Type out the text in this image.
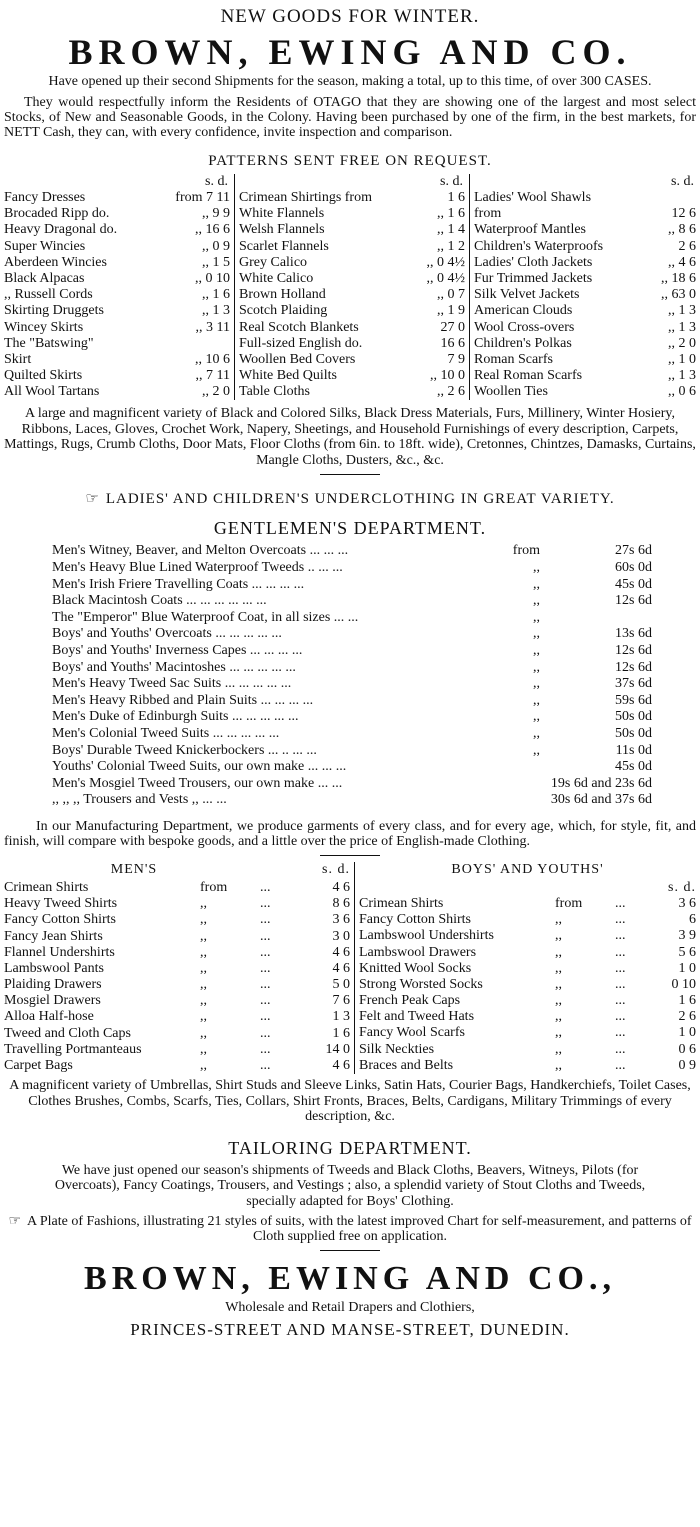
NEW GOODS FOR WINTER.
BROWN, EWING AND CO.
Have opened up their second Shipments for the season, making a total, up to this time, of over 300 CASES.
They would respectfully inform the Residents of OTAGO that they are showing one of the largest and most select Stocks, of New and Seasonable Goods, in the Colony. Having been purchased by one of the firm, in the best markets, for NETT Cash, they can, with every confidence, invite inspection and comparison.
PATTERNS SENT FREE ON REQUEST.
s. d.
Fancy Dresses	from 7 11
Brocaded Ripp do.	,, 9 9
Heavy Dragonal do.	,, 16 6
Super Wincies	,, 0 9
Aberdeen Wincies	,, 1 5
Black Alpacas	,, 0 10
,, Russell Cords	,, 1 6
Skirting Druggets	,, 1 3
Wincey Skirts	,, 3 11
The "Batswing"
Skirt	,, 10 6
Quilted Skirts	,, 7 11
All Wool Tartans	,, 2 0
s. d.
Crimean Shirtings from	1 6
White Flannels	,, 1 6
Welsh Flannels	,, 1 4
Scarlet Flannels	,, 1 2
Grey Calico	,, 0 4½
White Calico	,, 0 4½
Brown Holland	,, 0 7
Scotch Plaiding	,, 1 9
Real Scotch Blankets	27 0
Full-sized English do.	16 6
Woollen Bed Covers	7 9
White Bed Quilts	,, 10 0
Table Cloths	,, 2 6
s. d.
Ladies' Wool Shawls
from	12 6
Waterproof Mantles	,, 8 6
Children's Waterproofs	2 6
Ladies' Cloth Jackets	,, 4 6
Fur Trimmed Jackets	,, 18 6
Silk Velvet Jackets	,, 63 0
American Clouds	,, 1 3
Wool Cross-overs	,, 1 3
Children's Polkas	,, 2 0
Roman Scarfs	,, 1 0
Real Roman Scarfs	,, 1 3
Woollen Ties	,, 0 6
A large and magnificent variety of Black and Colored Silks, Black Dress Materials, Furs, Millinery, Winter Hosiery, Ribbons, Laces, Gloves, Crochet Work, Napery, Sheetings, and Household Furnishings of every description, Carpets, Mattings, Rugs, Crumb Cloths, Door Mats, Floor Cloths (from 6in. to 18ft. wide), Cretonnes, Chintzes, Damasks, Curtains, Mangle Cloths, Dusters, &c., &c.
☞ LADIES' AND CHILDREN'S UNDERCLOTHING IN GREAT VARIETY.
GENTLEMEN'S DEPARTMENT.
Men's Witney, Beaver, and Melton Overcoats ... ... ...	from	27s 6d
Men's Heavy Blue Lined Waterproof Tweeds .. ... ...	,,	60s 0d
Men's Irish Friere Travelling Coats ... ... ... ...	,,	45s 0d
Black Macintosh Coats ... ... ... ... ... ...	,,	12s 6d
The "Emperor" Blue Waterproof Coat, in all sizes ... ...	,,
Boys' and Youths' Overcoats ... ... ... ... ...	,,	13s 6d
Boys' and Youths' Inverness Capes ... ... ... ...	,,	12s 6d
Boys' and Youths' Macintoshes ... ... ... ... ...	,,	12s 6d
Men's Heavy Tweed Sac Suits ... ... ... ... ...	,,	37s 6d
Men's Heavy Ribbed and Plain Suits ... ... ... ...	,,	59s 6d
Men's Duke of Edinburgh Suits ... ... ... ... ...	,,	50s 0d
Men's Colonial Tweed Suits ... ... ... ... ...	,,	50s 0d
Boys' Durable Tweed Knickerbockers ... .. ... ...	,,	11s 0d
Youths' Colonial Tweed Suits, our own make ... ... ...	45s 0d
Men's Mosgiel Tweed Trousers, our own make ... ...	19s 6d and 23s 6d
,, ,, ,, Trousers and Vests ,, ... ...	30s 6d and 37s 6d
In our Manufacturing Department, we produce garments of every class, and for every age, which, for style, fit, and finish, will compare with bespoke goods, and a little over the price of English-made Clothing.
MEN'S	s. d.
Crimean Shirts	from	...	4 6
Heavy Tweed Shirts	,,	...	8 6
Fancy Cotton Shirts	,,	...	3 6
Fancy Jean Shirts	,,	...	3 0
Flannel Undershirts	,,	...	4 6
Lambswool Pants	,,	...	4 6
Plaiding Drawers	,,	...	5 0
Mosgiel Drawers	,,	...	7 6
Alloa Half-hose	,,	...	1 3
Tweed and Cloth Caps	,,	...	1 6
Travelling Portmanteaus	,,	...	14 0
Carpet Bags	,,	...	4 6
BOYS' AND YOUTHS'
s. d.
Crimean Shirts	from	...	3 6
Fancy Cotton Shirts	,,	...	6
Lambswool Undershirts	,,	...	3 9
Lambswool Drawers	,,	...	5 6
Knitted Wool Socks	,,	...	1 0
Strong Worsted Socks	,,	...	0 10
French Peak Caps	,,	...	1 6
Felt and Tweed Hats	,,	...	2 6
Fancy Wool Scarfs	,,	...	1 0
Silk Neckties	,,	...	0 6
Braces and Belts	,,	...	0 9
A magnificent variety of Umbrellas, Shirt Studs and Sleeve Links, Satin Hats, Courier Bags, Handkerchiefs, Toilet Cases, Clothes Brushes, Combs, Scarfs, Ties, Collars, Shirt Fronts, Braces, Belts, Cardigans, Military Trimmings of every description, &c.
TAILORING DEPARTMENT.
We have just opened our season's shipments of Tweeds and Black Cloths, Beavers, Witneys, Pilots (for Overcoats), Fancy Coatings, Trousers, and Vestings ; also, a splendid variety of Stout Cloths and Tweeds, specially adapted for Boys' Clothing.
☞ A Plate of Fashions, illustrating 21 styles of suits, with the latest improved Chart for self-measurement, and patterns of Cloth supplied free on application.
BROWN, EWING AND CO.,
Wholesale and Retail Drapers and Clothiers,
PRINCES-STREET AND MANSE-STREET, DUNEDIN.
